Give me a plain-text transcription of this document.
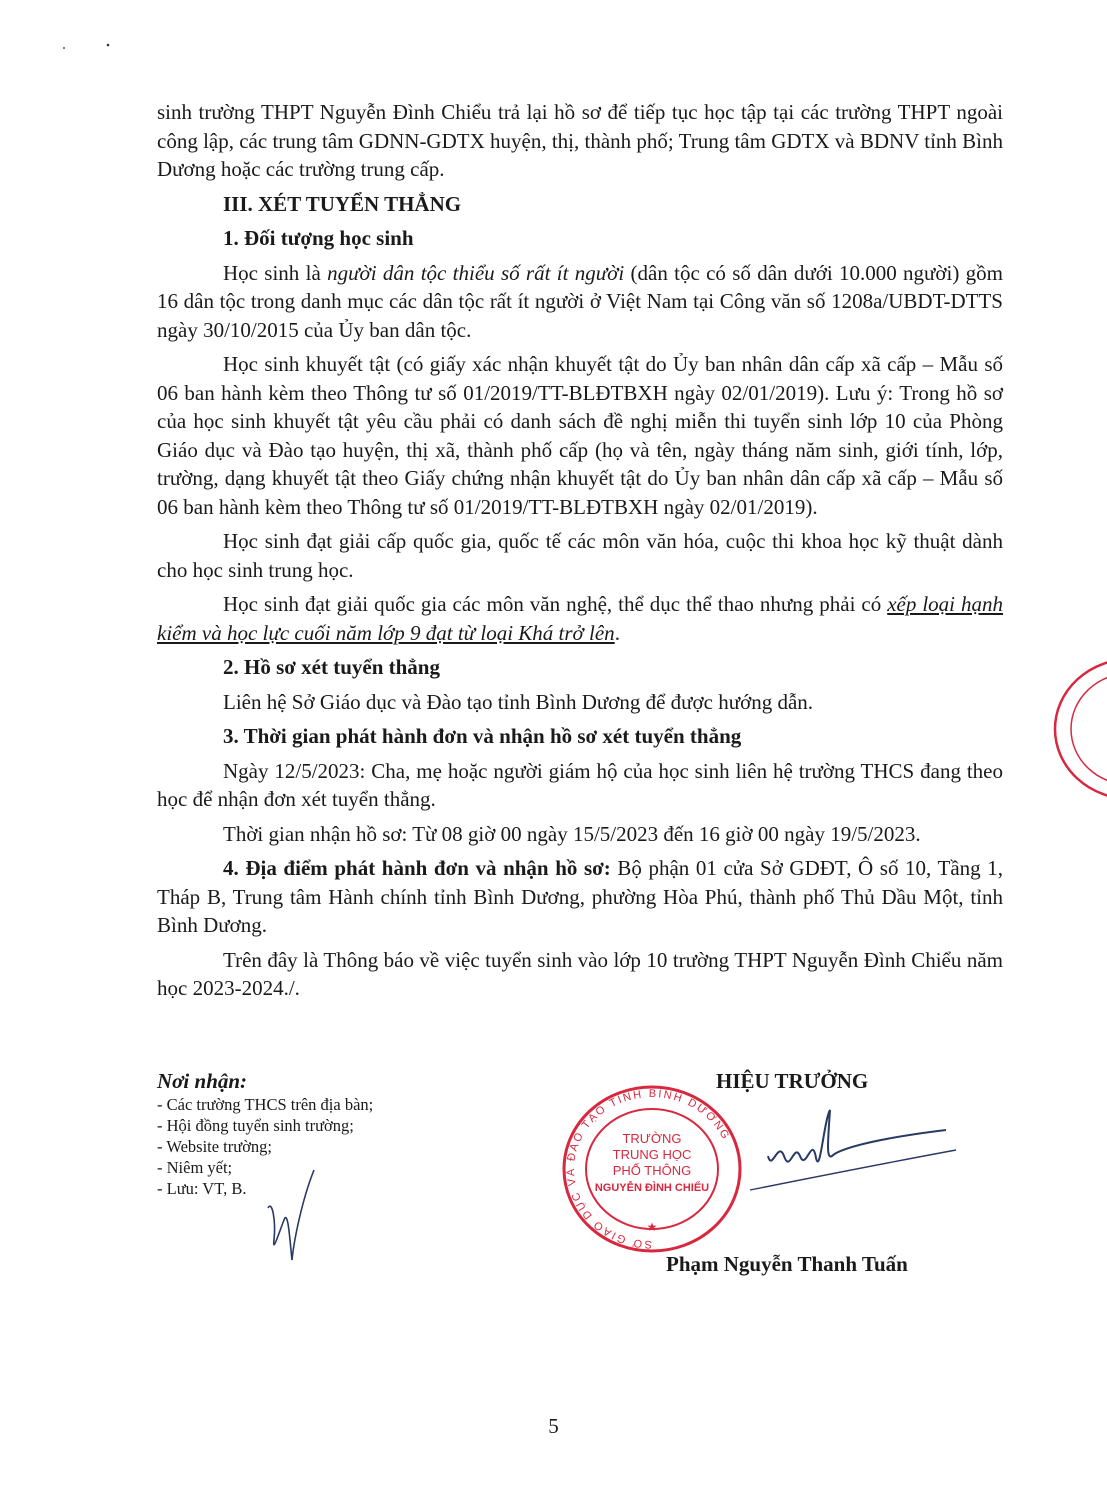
sinh trường THPT Nguyễn Đình Chiểu trả lại hồ sơ để tiếp tục học tập tại các trường THPT ngoài công lập, các trung tâm GDNN-GDTX huyện, thị, thành phố; Trung tâm GDTX và BDNV tỉnh Bình Dương hoặc các trường trung cấp.

III. XÉT TUYỂN THẲNG

1. Đối tượng học sinh

Học sinh là người dân tộc thiểu số rất ít người (dân tộc có số dân dưới 10.000 người) gồm 16 dân tộc trong danh mục các dân tộc rất ít người ở Việt Nam tại Công văn số 1208a/UBDT-DTTS ngày 30/10/2015 của Ủy ban dân tộc.

Học sinh khuyết tật (có giấy xác nhận khuyết tật do Ủy ban nhân dân cấp xã cấp – Mẫu số 06 ban hành kèm theo Thông tư số 01/2019/TT-BLĐTBXH ngày 02/01/2019). Lưu ý: Trong hồ sơ của học sinh khuyết tật yêu cầu phải có danh sách đề nghị miễn thi tuyển sinh lớp 10 của Phòng Giáo dục và Đào tạo huyện, thị xã, thành phố cấp (họ và tên, ngày tháng năm sinh, giới tính, lớp, trường, dạng khuyết tật theo Giấy chứng nhận khuyết tật do Ủy ban nhân dân cấp xã cấp – Mẫu số 06 ban hành kèm theo Thông tư số 01/2019/TT-BLĐTBXH ngày 02/01/2019).

Học sinh đạt giải cấp quốc gia, quốc tế các môn văn hóa, cuộc thi khoa học kỹ thuật dành cho học sinh trung học.

Học sinh đạt giải quốc gia các môn văn nghệ, thể dục thể thao nhưng phải có xếp loại hạnh kiểm và học lực cuối năm lớp 9 đạt từ loại Khá trở lên.

2. Hồ sơ xét tuyển thẳng

Liên hệ Sở Giáo dục và Đào tạo tỉnh Bình Dương để được hướng dẫn.

3. Thời gian phát hành đơn và nhận hồ sơ xét tuyển thẳng

Ngày 12/5/2023: Cha, mẹ hoặc người giám hộ của học sinh liên hệ trường THCS đang theo học để nhận đơn xét tuyển thẳng.

Thời gian nhận hồ sơ: Từ 08 giờ 00 ngày 15/5/2023 đến 16 giờ 00 ngày 19/5/2023.

4. Địa điểm phát hành đơn và nhận hồ sơ: Bộ phận 01 cửa Sở GDĐT, Ô số 10, Tầng 1, Tháp B, Trung tâm Hành chính tỉnh Bình Dương, phường Hòa Phú, thành phố Thủ Dầu Một, tỉnh Bình Dương.

Trên đây là Thông báo về việc tuyển sinh vào lớp 10 trường THPT Nguyễn Đình Chiểu năm học 2023-2024./.

Nơi nhận:
- Các trường THCS trên địa bàn;
- Hội đồng tuyển sinh trường;
- Website trường;
- Niêm yết;
- Lưu: VT, B.
HIỆU TRƯỞNG
SỞ GIÁO DỤC VÀ ĐÀO TẠO TỈNH BÌNH DƯƠNG
TRƯỜNG
TRUNG HỌC
PHỔ THÔNG
NGUYỄN ĐÌNH CHIỂU
★
Phạm Nguyễn Thanh Tuấn
5
